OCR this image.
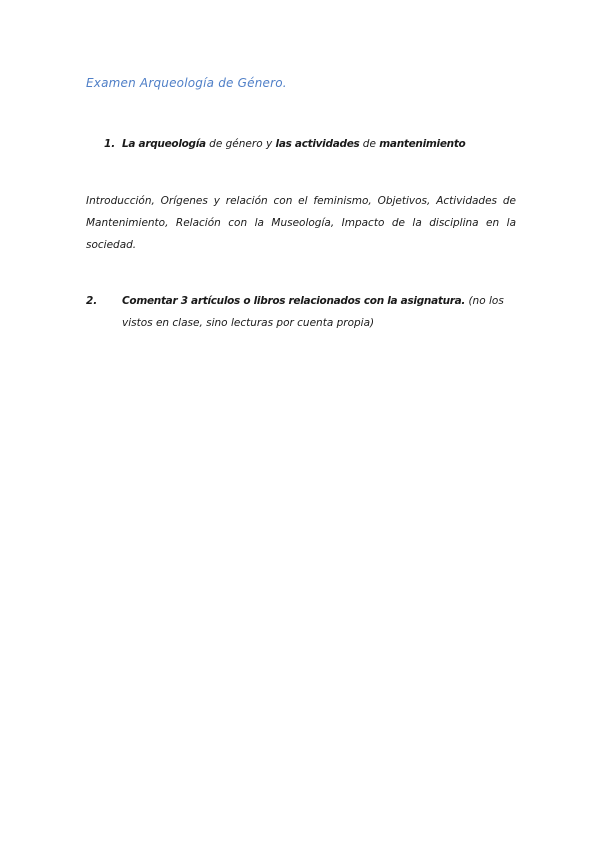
Examen Arqueología de Género.
1. La arqueología de género y las actividades de mantenimiento
Introducción, Orígenes y relación con el feminismo, Objetivos, Actividades de Mantenimiento, Relación con la Museología, Impacto de la disciplina en la sociedad.
2. Comentar 3 artículos o libros relacionados con la asignatura. (no los vistos en clase, sino lecturas por cuenta propia)
